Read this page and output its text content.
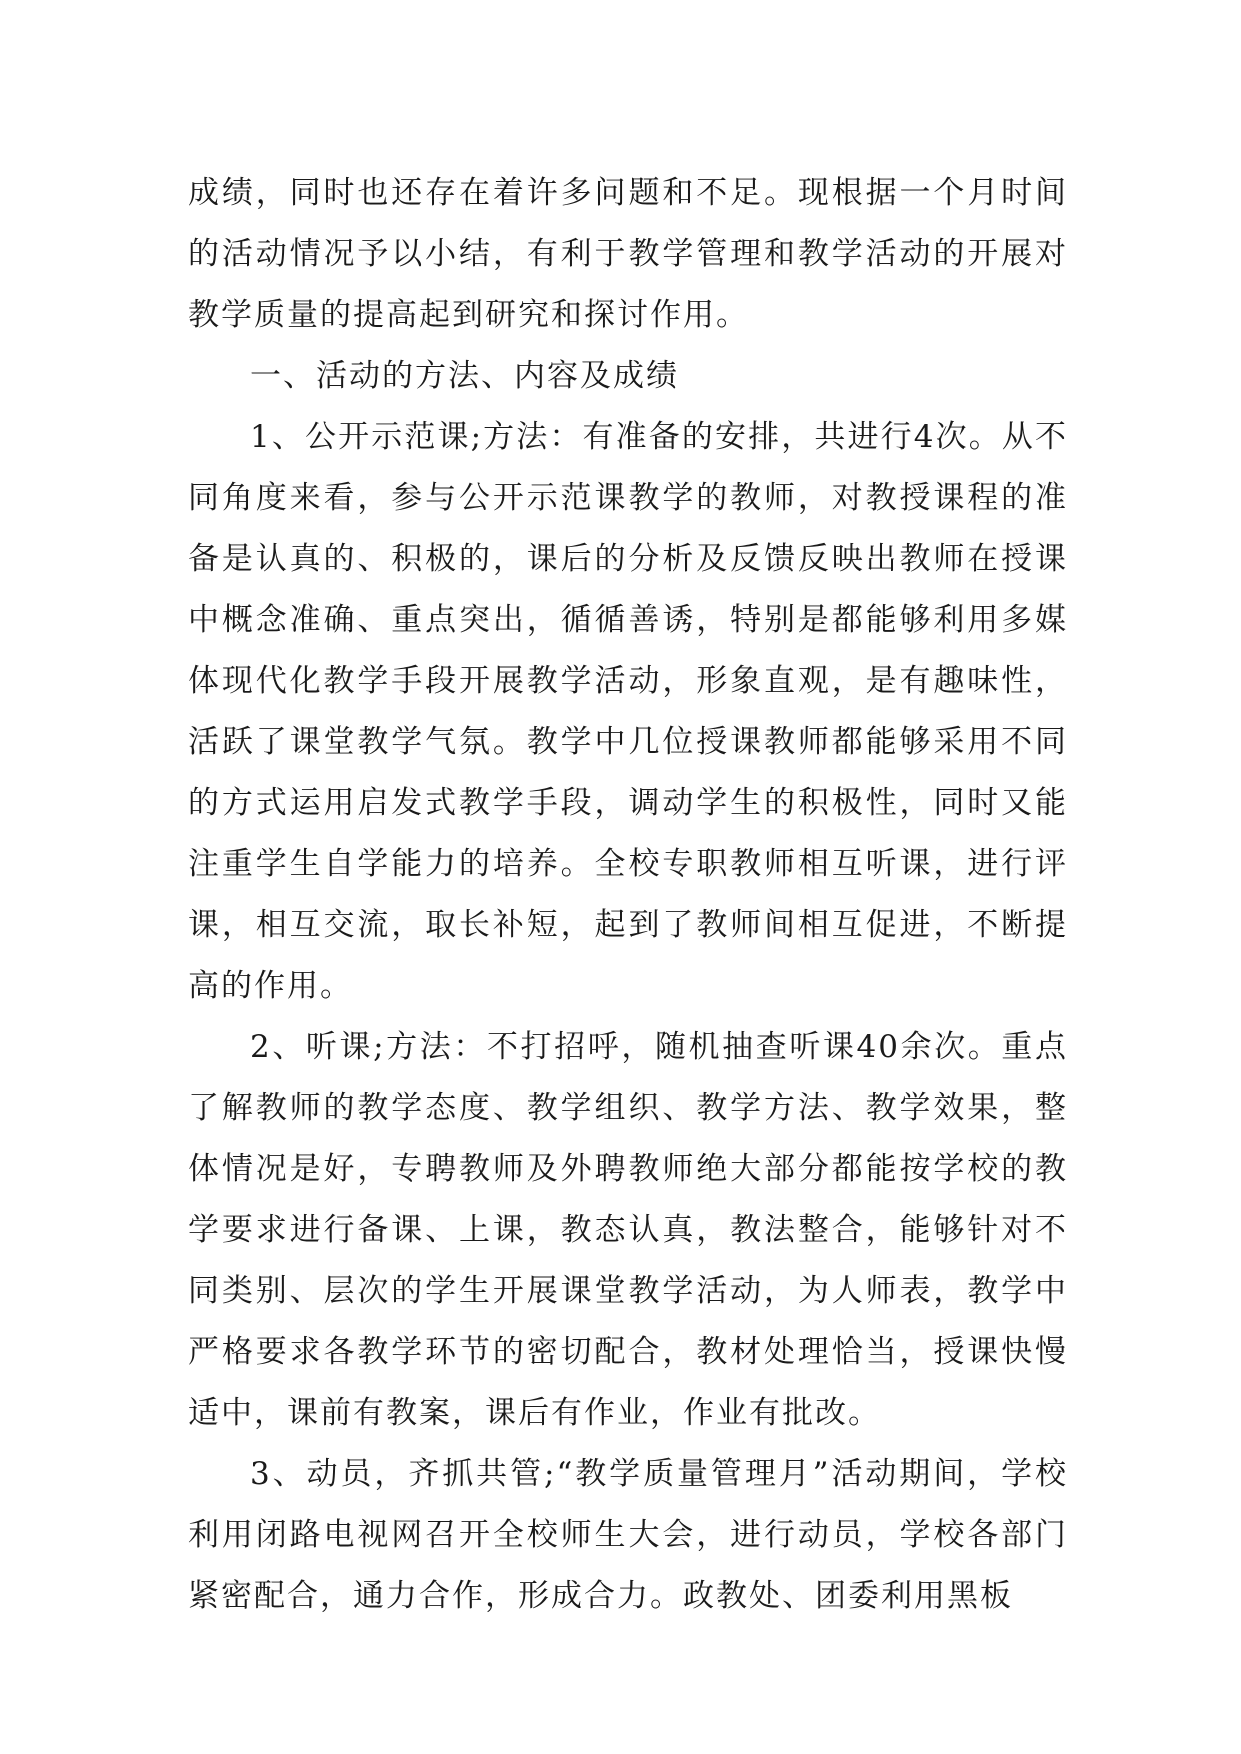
成绩，同时也还存在着许多问题和不足。现根据一个月时间的活动情况予以小结，有利于教学管理和教学活动的开展对教学质量的提高起到研究和探讨作用。

一、活动的方法、内容及成绩

1、公开示范课;方法：有准备的安排，共进行4次。从不同角度来看，参与公开示范课教学的教师，对教授课程的准备是认真的、积极的，课后的分析及反馈反映出教师在授课中概念准确、重点突出，循循善诱，特别是都能够利用多媒体现代化教学手段开展教学活动，形象直观，是有趣味性，活跃了课堂教学气氛。教学中几位授课教师都能够采用不同的方式运用启发式教学手段，调动学生的积极性，同时又能注重学生自学能力的培养。全校专职教师相互听课，进行评课，相互交流，取长补短，起到了教师间相互促进，不断提高的作用。

2、听课;方法：不打招呼，随机抽查听课40余次。重点了解教师的教学态度、教学组织、教学方法、教学效果，整体情况是好，专聘教师及外聘教师绝大部分都能按学校的教学要求进行备课、上课，教态认真，教法整合，能够针对不同类别、层次的学生开展课堂教学活动，为人师表，教学中严格要求各教学环节的密切配合，教材处理恰当，授课快慢适中，课前有教案，课后有作业，作业有批改。

3、动员，齐抓共管;“教学质量管理月”活动期间，学校利用闭路电视网召开全校师生大会，进行动员，学校各部门紧密配合，通力合作，形成合力。政教处、团委利用黑板
